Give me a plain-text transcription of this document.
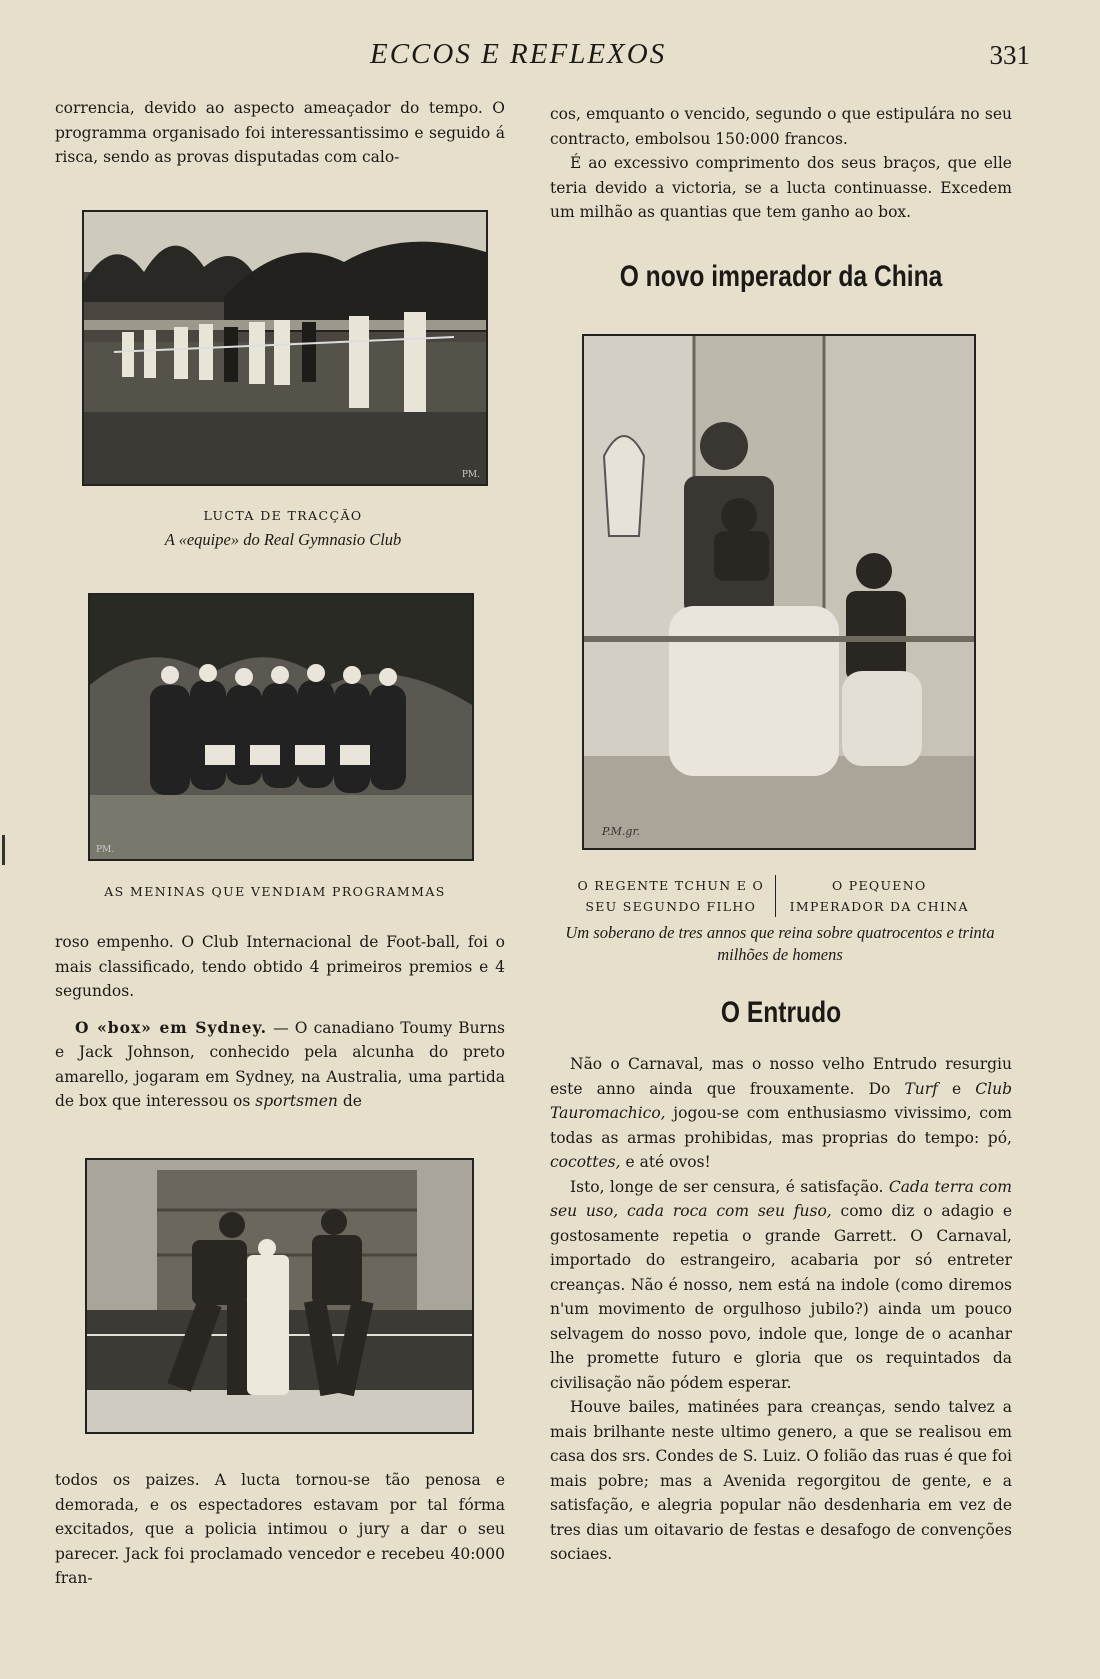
ECCOS E REFLEXOS	331

correncia, devido ao aspecto ameaçador do tempo. O programma organisado foi interessantissimo e seguido á risca, sendo as provas disputadas com calo-

PM.
LUCTA DE TRACÇÃO
A «equipe» do Real Gymnasio Club
PM.
AS MENINAS QUE VENDIAM PROGRAMMAS

roso empenho. O Club Internacional de Foot-ball, foi o mais classificado, tendo obtido 4 primeiros premios e 4 segundos.

O «box» em Sydney. — O canadiano Toumy Burns e Jack Johnson, conhecido pela alcunha do preto amarello, jogaram em Sydney, na Australia, uma partida de box que interessou os sportsmen de

todos os paizes. A lucta tornou-se tão penosa e demorada, e os espectadores estavam por tal fórma excitados, que a policia intimou o jury a dar o seu parecer. Jack foi proclamado vencedor e recebeu 40:000 fran-

cos, emquanto o vencido, segundo o que estipulára no seu contracto, embolsou 150:000 francos.

É ao excessivo comprimento dos seus braços, que elle teria devido a victoria, se a lucta continuasse. Excedem um milhão as quantias que tem ganho ao box.

O novo imperador da China
P.M.gr.
O REGENTE TCHUN E O SEU SEGUNDO FILHO
O PEQUENO IMPERADOR DA CHINA
Um soberano de tres annos que reina sobre quatrocentos e trinta milhões de homens
O Entrudo

Não o Carnaval, mas o nosso velho Entrudo resurgiu este anno ainda que frouxamente. Do Turf e Club Tauromachico, jogou-se com enthusiasmo vivissimo, com todas as armas prohibidas, mas proprias do tempo: pó, cocottes, e até ovos!

Isto, longe de ser censura, é satisfação. Cada terra com seu uso, cada roca com seu fuso, como diz o adagio e gostosamente repetia o grande Garrett. O Carnaval, importado do estrangeiro, acabaria por só entreter creanças. Não é nosso, nem está na indole (como diremos n'um movimento de orgulhoso jubilo?) ainda um pouco selvagem do nosso povo, indole que, longe de o acanhar lhe promette futuro e gloria que os requintados da civilisação não pódem esperar.

Houve bailes, matinées para creanças, sendo talvez a mais brilhante neste ultimo genero, a que se realisou em casa dos srs. Condes de S. Luiz. O folião das ruas é que foi mais pobre; mas a Avenida regorgitou de gente, e a satisfação, e alegria popular não desdenharia em vez de tres dias um oitavario de festas e desafogo de convenções sociaes.
